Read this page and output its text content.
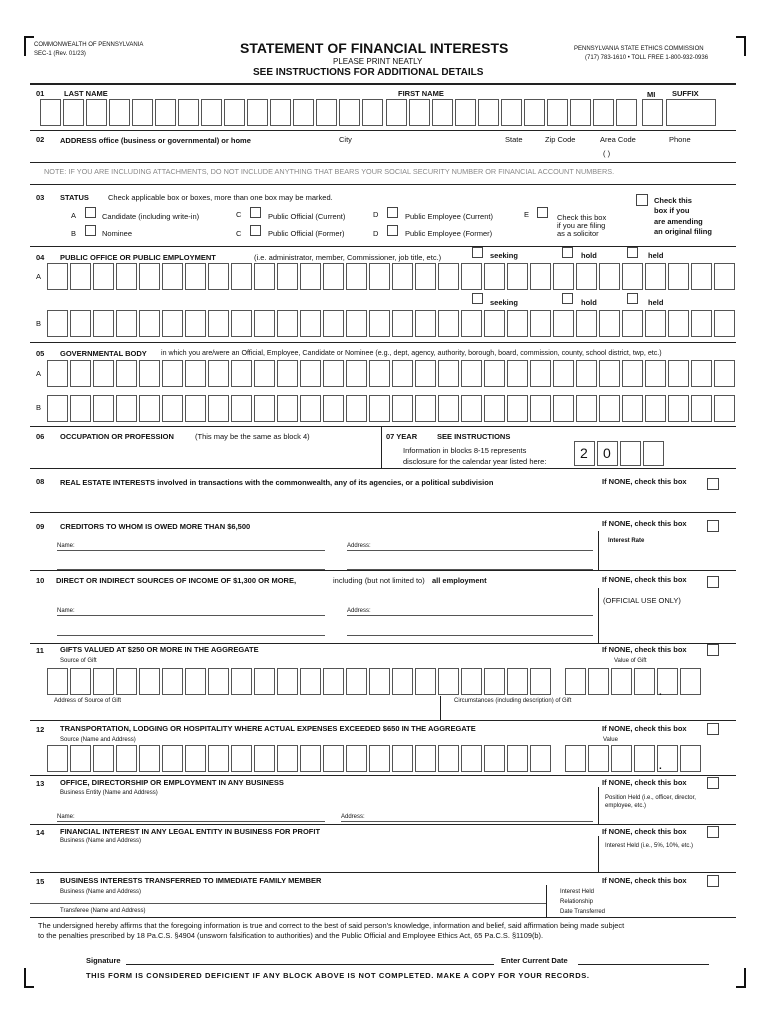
COMMONWEALTH OF PENNSYLVANIA
SEC-1 (Rev. 01/23)	STATEMENT OF FINANCIAL INTERESTS
PLEASE PRINT NEATLY
SEE INSTRUCTIONS FOR ADDITIONAL DETAILS
PENNSYLVANIA STATE ETHICS COMMISSION
(717) 783-1610 • TOLL FREE 1-800-932-0936
01	LAST NAME	FIRST NAME	MI SUFFIX
02 ADDRESS office (business or governmental) or home	City	State	Zip Code	Area Code	Phone
( )
NOTE: IF YOU ARE INCLUDING ATTACHMENTS, DO NOT INCLUDE ANYTHING THAT BEARS YOUR SOCIAL SECURITY NUMBER OR FINANCIAL ACCOUNT NUMBERS.
03 STATUS	Check applicable box or boxes, more than one box may be marked.
A	Candidate (including write-in)
B	Nominee
C	Public Official (Current)
C	Public Official (Former)
D	Public Employee (Current)
D	Public Employee (Former)
E	Check this box
if you are filing
as a solicitor
Check this
box if you
are amending
an original filing
04 PUBLIC OFFICE OR PUBLIC EMPLOYMENT	(i.e. administrator, member, Commissioner, job title, etc.)	seeking	hold	held
A
seeking	hold	held
B
05 GOVERNMENTAL BODY in which you are/were an Official, Employee, Candidate or Nominee (e.g., dept, agency, authority, borough, board, commission, county, school district, twp, etc.)
A
B
06 OCCUPATION OR PROFESSION	(This may be the same as block 4)	07 YEAR	SEE INSTRUCTIONS
Information in blocks 8-15 represents
disclosure for the calendar year listed here:
2 0
08 REAL ESTATE INTERESTS involved in transactions with the commonwealth, any of its agencies, or a political subdivision	If NONE, check this box
09 CREDITORS TO WHOM IS OWED MORE THAN $6,500	If NONE, check this box
Interest Rate
Name:	Address:
10 DIRECT OR INDIRECT SOURCES OF INCOME OF $1,300 OR MORE,	including (but not limited to) all employment	If NONE, check this box
(OFFICIAL USE ONLY)
Name:	Address:
11 GIFTS VALUED AT $250 OR MORE IN THE AGGREGATE
Source of Gift
If NONE, check this box
Value of Gift
.
Address of Source of Gift	Circumstances (including description) of Gift
12 TRANSPORTATION, LODGING OR HOSPITALITY WHERE ACTUAL EXPENSES EXCEEDED $650 IN THE AGGREGATE
Source (Name and Address)
If NONE, check this box
Value
.
13 OFFICE, DIRECTORSHIP OR EMPLOYMENT IN ANY BUSINESS
Business Entity (Name and Address)
If NONE, check this box
Position Held (i.e., officer, director,
employee, etc.)
Name:	Address:
14 FINANCIAL INTEREST IN ANY LEGAL ENTITY IN BUSINESS FOR PROFIT
Business (Name and Address)
If NONE, check this box
Interest Held (i.e., 5%, 10%, etc.)
15 BUSINESS INTERESTS TRANSFERRED TO IMMEDIATE FAMILY MEMBER
Business (Name and Address)
If NONE, check this box
Interest Held
Relationship
Date Transferred
Transferee (Name and Address)
The undersigned hereby affirms that the foregoing information is true and correct to the best of said person's knowledge, information and belief, said affirmation being made subject
to the penalties prescribed by 18 Pa.C.S. §4904 (unsworn falsification to authorities) and the Public Official and Employee Ethics Act, 65 Pa.C.S. §1109(b).
Signature	Enter Current Date
THIS FORM IS CONSIDERED DEFICIENT IF ANY BLOCK ABOVE IS NOT COMPLETED. MAKE A COPY FOR YOUR RECORDS.
